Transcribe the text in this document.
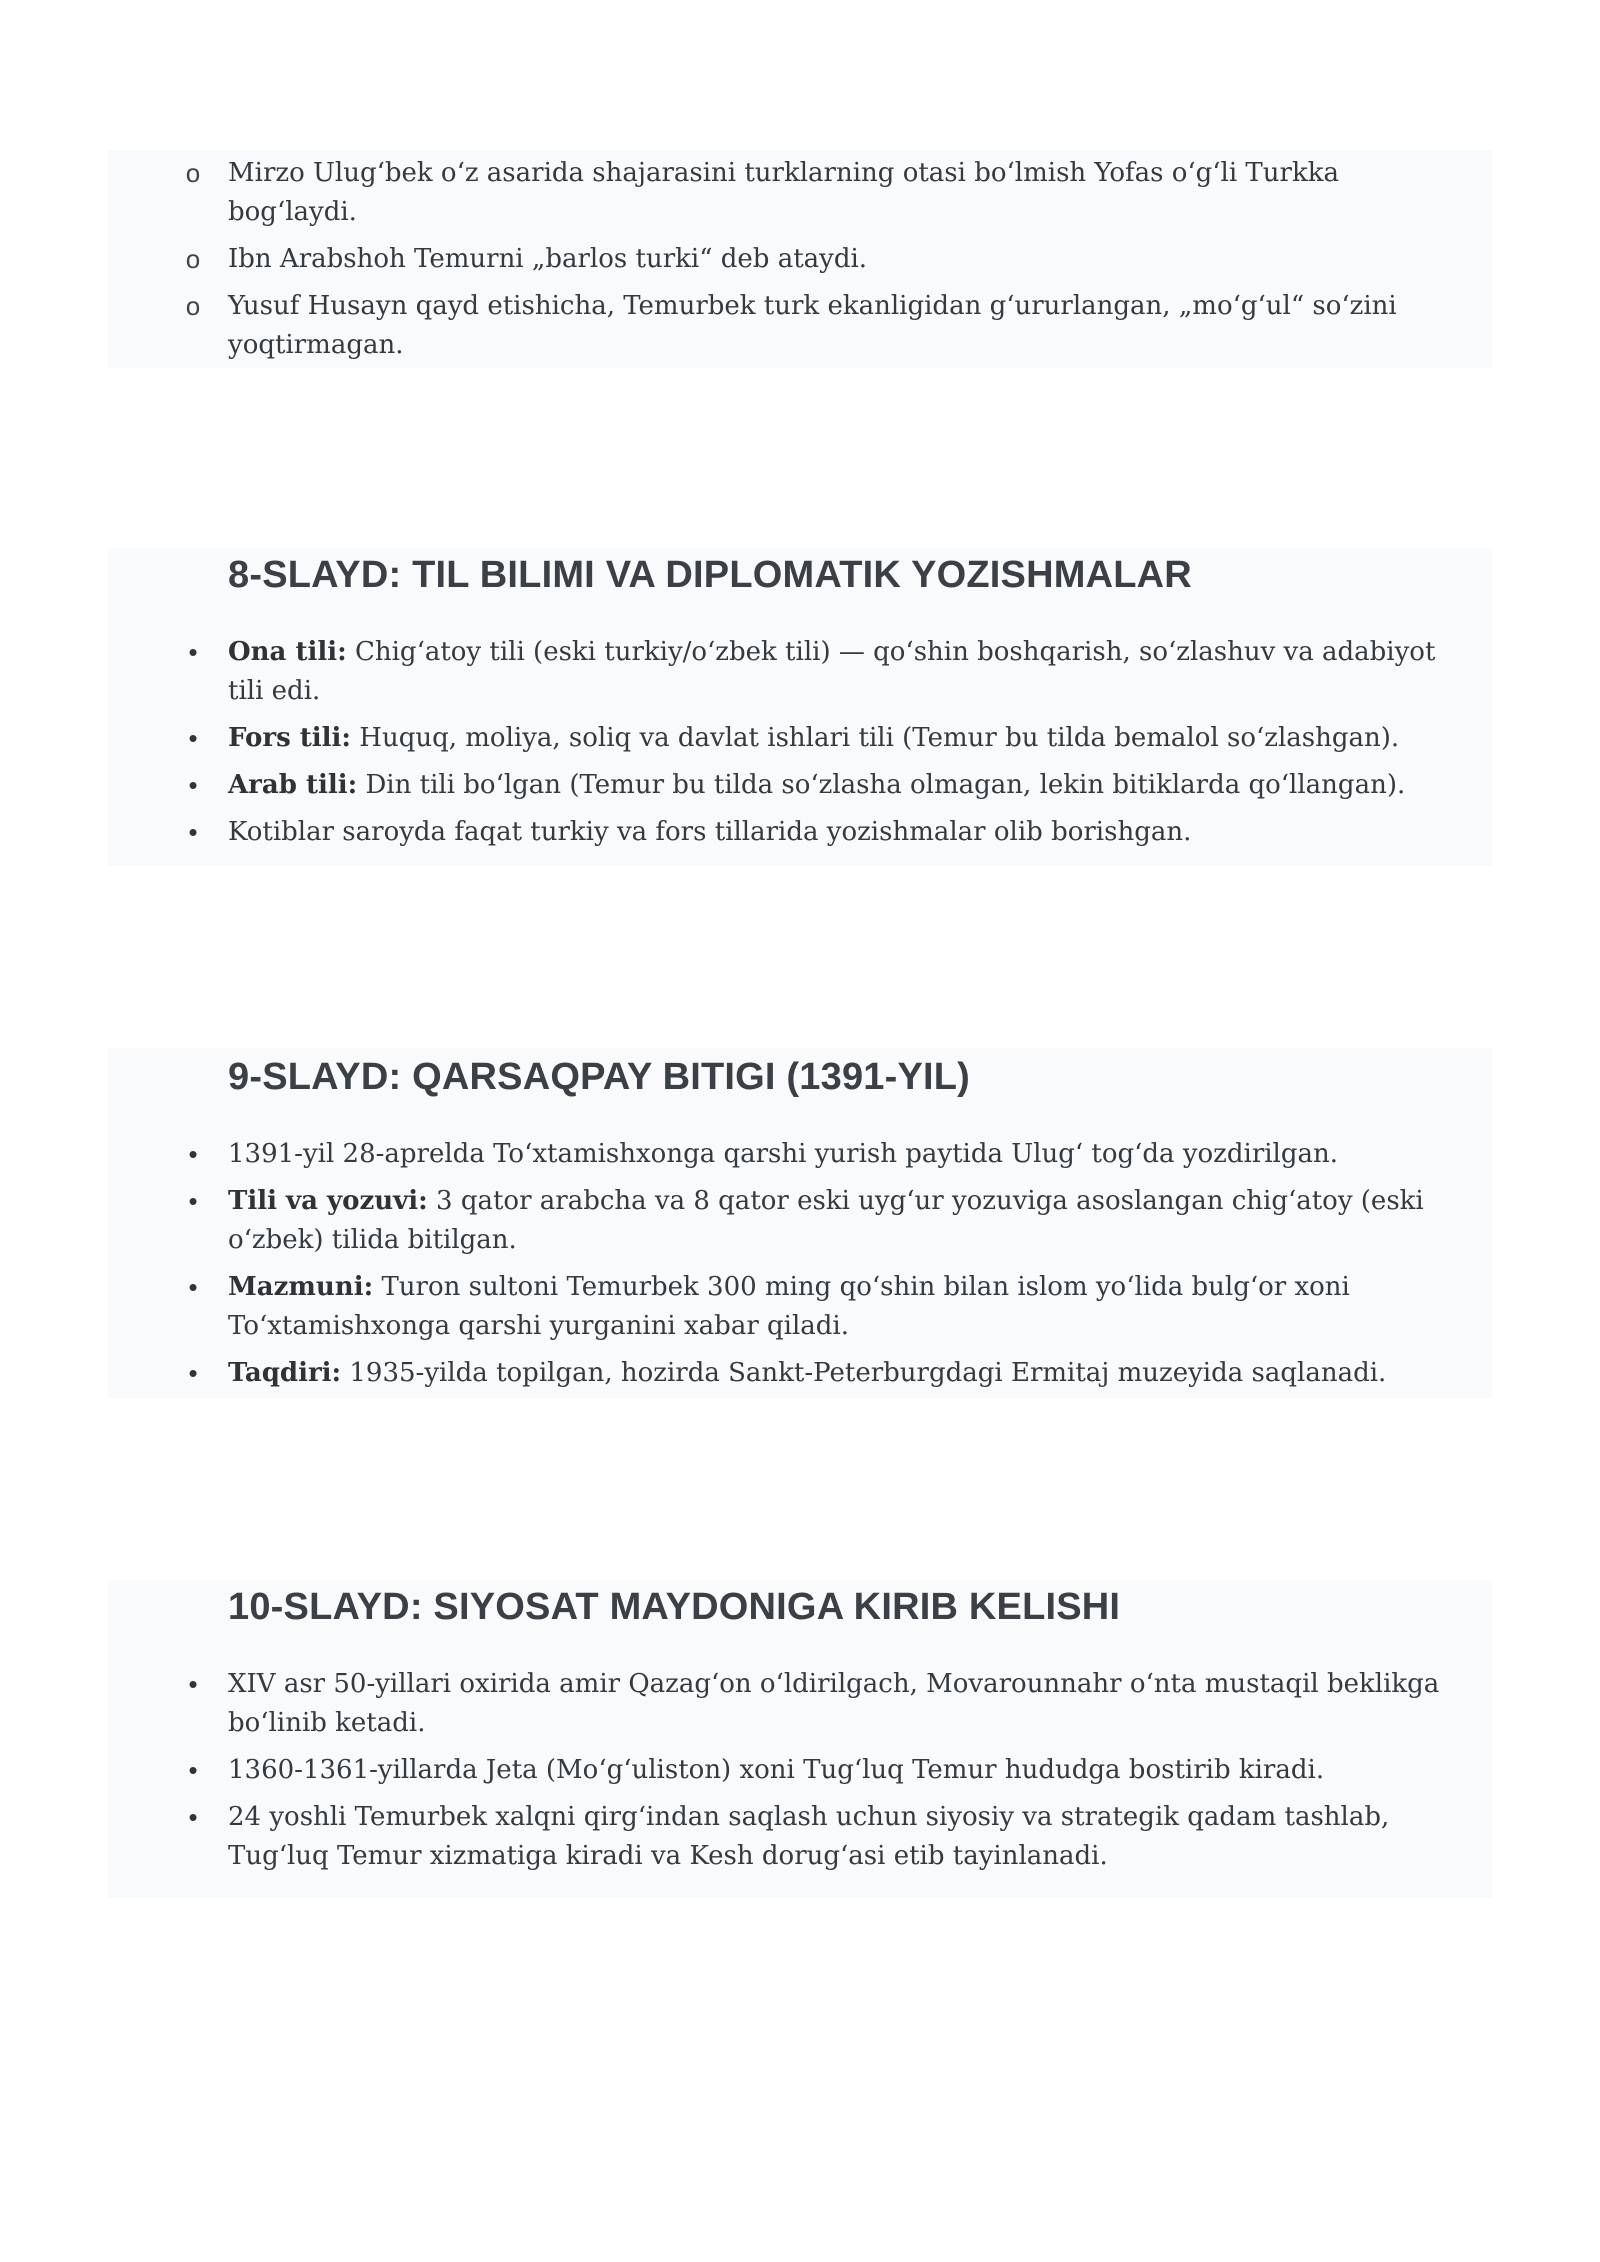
o Mirzo Ulug‘bek o‘z asarida shajarasini turklarning otasi bo‘lmish Yofas o‘g‘li Turkka bog‘laydi.
o Ibn Arabshoh Temurni „barlos turki“ deb ataydi.
o Yusuf Husayn qayd etishicha, Temurbek turk ekanligidan g‘ururlangan, „mo‘g‘ul“ so‘zini yoqtirmagan.
8-SLAYD: TIL BILIMI VA DIPLOMATIK YOZISHMALAR
•	Ona tili: Chig‘atoy tili (eski turkiy/o‘zbek tili) — qo‘shin boshqarish, so‘zlashuv va adabiyot tili edi.
•	Fors tili: Huquq, moliya, soliq va davlat ishlari tili (Temur bu tilda bemalol so‘zlashgan).
•	Arab tili: Din tili bo‘lgan (Temur bu tilda so‘zlasha olmagan, lekin bitiklarda qo‘llangan).
•	Kotiblar saroyda faqat turkiy va fors tillarida yozishmalar olib borishgan.
9-SLAYD: QARSAQPAY BITIGI (1391-YIL)
•	1391-yil 28-aprelda To‘xtamishxonga qarshi yurish paytida Ulug‘ tog‘da yozdirilgan.
•	Tili va yozuvi: 3 qator arabcha va 8 qator eski uyg‘ur yozuviga asoslangan chig‘atoy (eski o‘zbek) tilida bitilgan.
•	Mazmuni: Turon sultoni Temurbek 300 ming qo‘shin bilan islom yo‘lida bulg‘or xoni To‘xtamishxonga qarshi yurganini xabar qiladi.
•	Taqdiri: 1935-yilda topilgan, hozirda Sankt-Peterburgdagi Ermitaj muzeyida saqlanadi.
10-SLAYD: SIYOSAT MAYDONIGA KIRIB KELISHI
•	XIV asr 50-yillari oxirida amir Qazag‘on o‘ldirilgach, Movarounnahr o‘nta mustaqil beklikga bo‘linib ketadi.
•	1360-1361-yillarda Jeta (Mo‘g‘uliston) xoni Tug‘luq Temur hududga bostirib kiradi.
•	24 yoshli Temurbek xalqni qirg‘indan saqlash uchun siyosiy va strategik qadam tashlab, Tug‘luq Temur xizmatiga kiradi va Kesh dorug‘asi etib tayinlanadi.
